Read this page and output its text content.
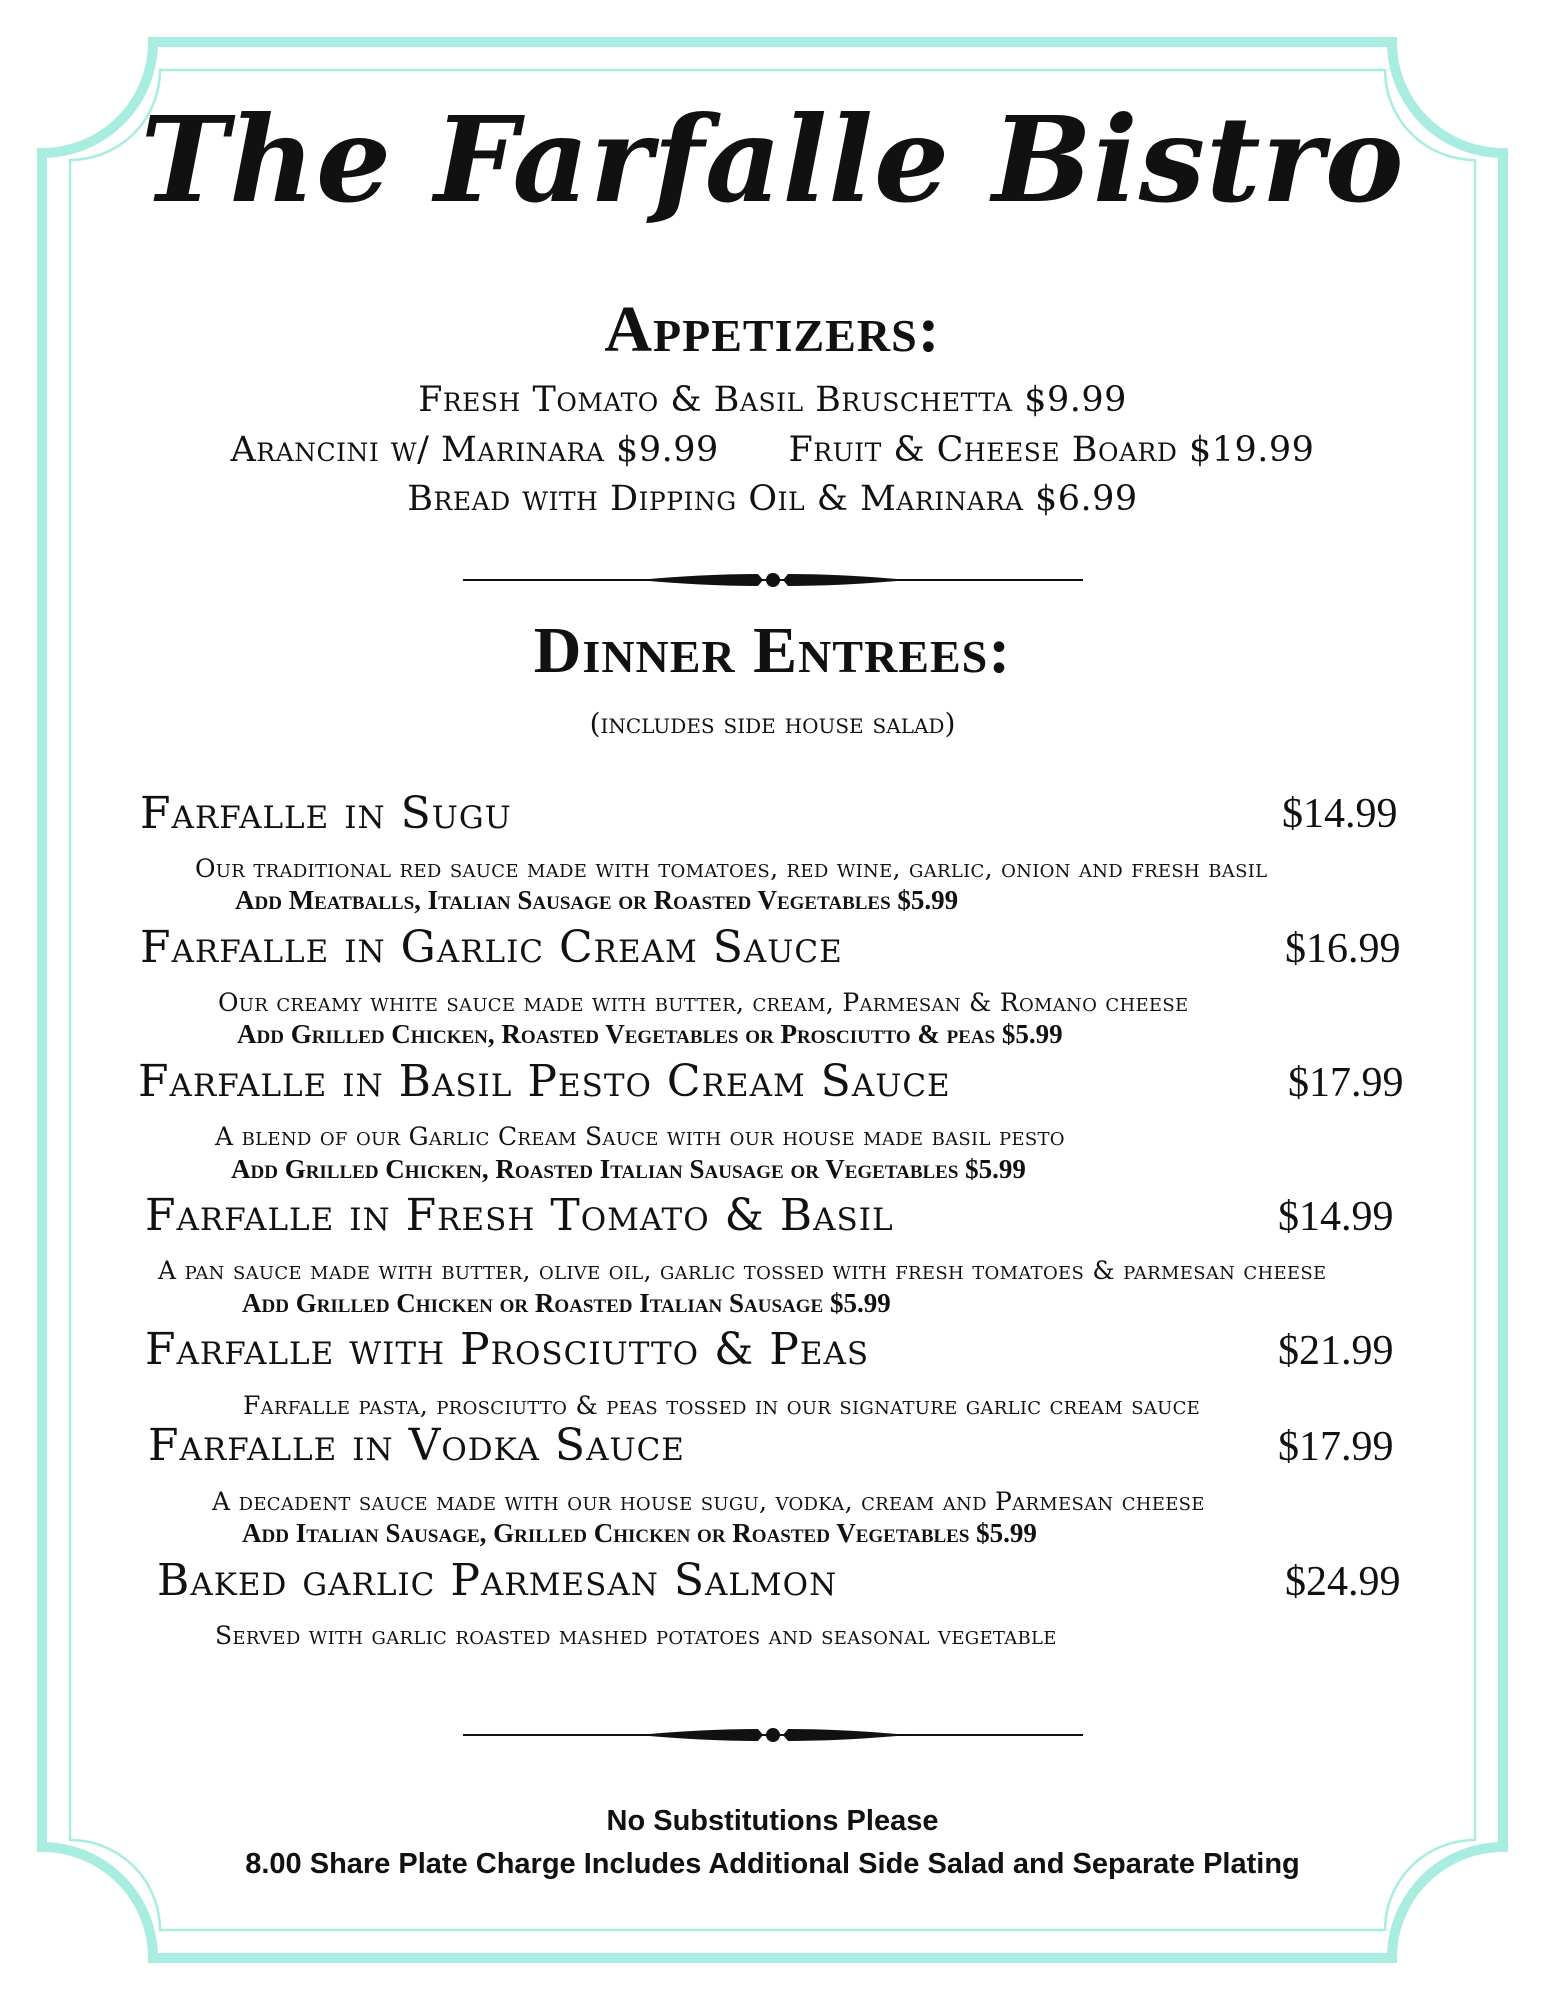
The Farfalle Bistro
Appetizers:

Fresh Tomato & Basil Bruschetta $9.99

Arancini w/ Marinara $9.99      Fruit & Cheese Board $19.99

Bread with Dipping Oil & Marinara $6.99

Dinner Entrees:

(includes side house salad)

Farfalle in Sugu	$14.99
Our traditional red sauce made with tomatoes, red wine, garlic, onion and fresh basil
Add Meatballs, Italian Sausage or Roasted Vegetables $5.99
Farfalle in Garlic Cream Sauce	$16.99
Our creamy white sauce made with butter, cream, Parmesan & Romano cheese
Add Grilled Chicken, Roasted Vegetables or Prosciutto & peas $5.99
Farfalle in Basil Pesto Cream Sauce	$17.99
A blend of our Garlic Cream Sauce with our house made basil pesto
Add Grilled Chicken, Roasted Italian Sausage or Vegetables $5.99
Farfalle in Fresh Tomato & Basil	$14.99
A pan sauce made with butter, olive oil, garlic tossed with fresh tomatoes & parmesan cheese
Add Grilled Chicken or Roasted Italian Sausage $5.99
Farfalle with Prosciutto & Peas	$21.99
Farfalle pasta, prosciutto & peas tossed in our signature garlic cream sauce
Farfalle in Vodka Sauce	$17.99
A decadent sauce made with our house sugu, vodka, cream and Parmesan cheese
Add Italian Sausage, Grilled Chicken or Roasted Vegetables $5.99
Baked garlic Parmesan Salmon	$24.99
Served with garlic roasted mashed potatoes and seasonal vegetable

No Substitutions Please

8.00 Share Plate Charge Includes Additional Side Salad and Separate Plating
